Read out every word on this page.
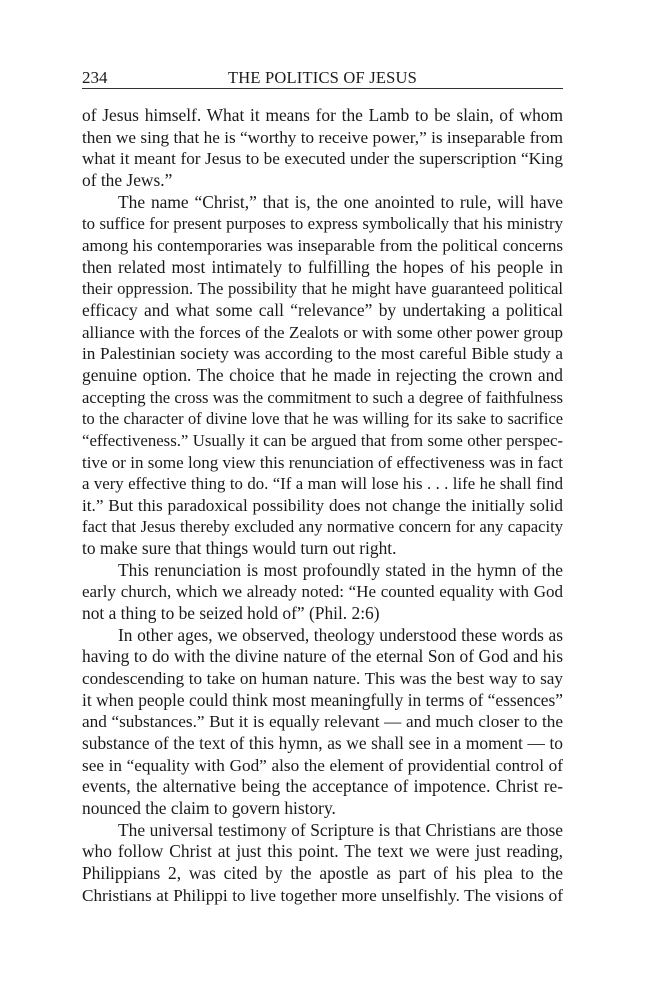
234	THE POLITICS OF JESUS
of Jesus himself. What it means for the Lamb to be slain, of whom
then we sing that he is “worthy to receive power,” is inseparable from
what it meant for Jesus to be executed under the superscription “King
of the Jews.”
The name “Christ,” that is, the one anointed to rule, will have
to suffice for present purposes to express symbolically that his ministry
among his contemporaries was inseparable from the political concerns
then related most intimately to fulfilling the hopes of his people in
their oppression. The possibility that he might have guaranteed political
efficacy and what some call “relevance” by undertaking a political
alliance with the forces of the Zealots or with some other power group
in Palestinian society was according to the most careful Bible study a
genuine option. The choice that he made in rejecting the crown and
accepting the cross was the commitment to such a degree of faithfulness
to the character of divine love that he was willing for its sake to sacrifice
“effectiveness.” Usually it can be argued that from some other perspec-
tive or in some long view this renunciation of effectiveness was in fact
a very effective thing to do. “If a man will lose his . . . life he shall find
it.” But this paradoxical possibility does not change the initially solid
fact that Jesus thereby excluded any normative concern for any capacity
to make sure that things would turn out right.
This renunciation is most profoundly stated in the hymn of the
early church, which we already noted: “He counted equality with God
not a thing to be seized hold of” (Phil. 2:6)
In other ages, we observed, theology understood these words as
having to do with the divine nature of the eternal Son of God and his
condescending to take on human nature. This was the best way to say
it when people could think most meaningfully in terms of “essences”
and “substances.” But it is equally relevant — and much closer to the
substance of the text of this hymn, as we shall see in a moment — to
see in “equality with God” also the element of providential control of
events, the alternative being the acceptance of impotence. Christ re-
nounced the claim to govern history.
The universal testimony of Scripture is that Christians are those
who follow Christ at just this point. The text we were just reading,
Philippians 2, was cited by the apostle as part of his plea to the
Christians at Philippi to live together more unselfishly. The visions of
